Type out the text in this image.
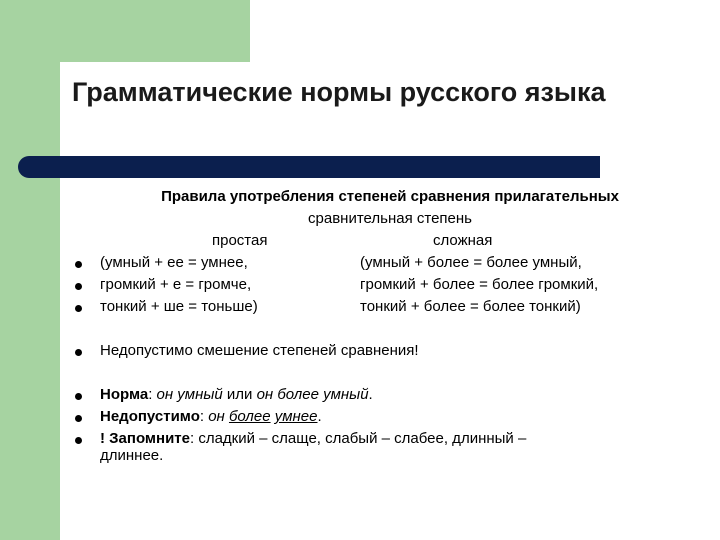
Грамматические нормы русского языка
Правила употребления степеней сравнения прилагательных
сравнительная степень
простая	сложная
(умный + ее = умнее,	(умный + более = более умный,
громкий + е = громче,	громкий + более = более громкий,
тонкий + ше = тоньше)	тонкий + более = более тонкий)
Недопустимо смешение степеней сравнения!
Норма: он умный или он более умный.
Недопустимо: он более умнее.
! Запомните: сладкий – слаще, слабый – слабее, длинный –
длиннее.
